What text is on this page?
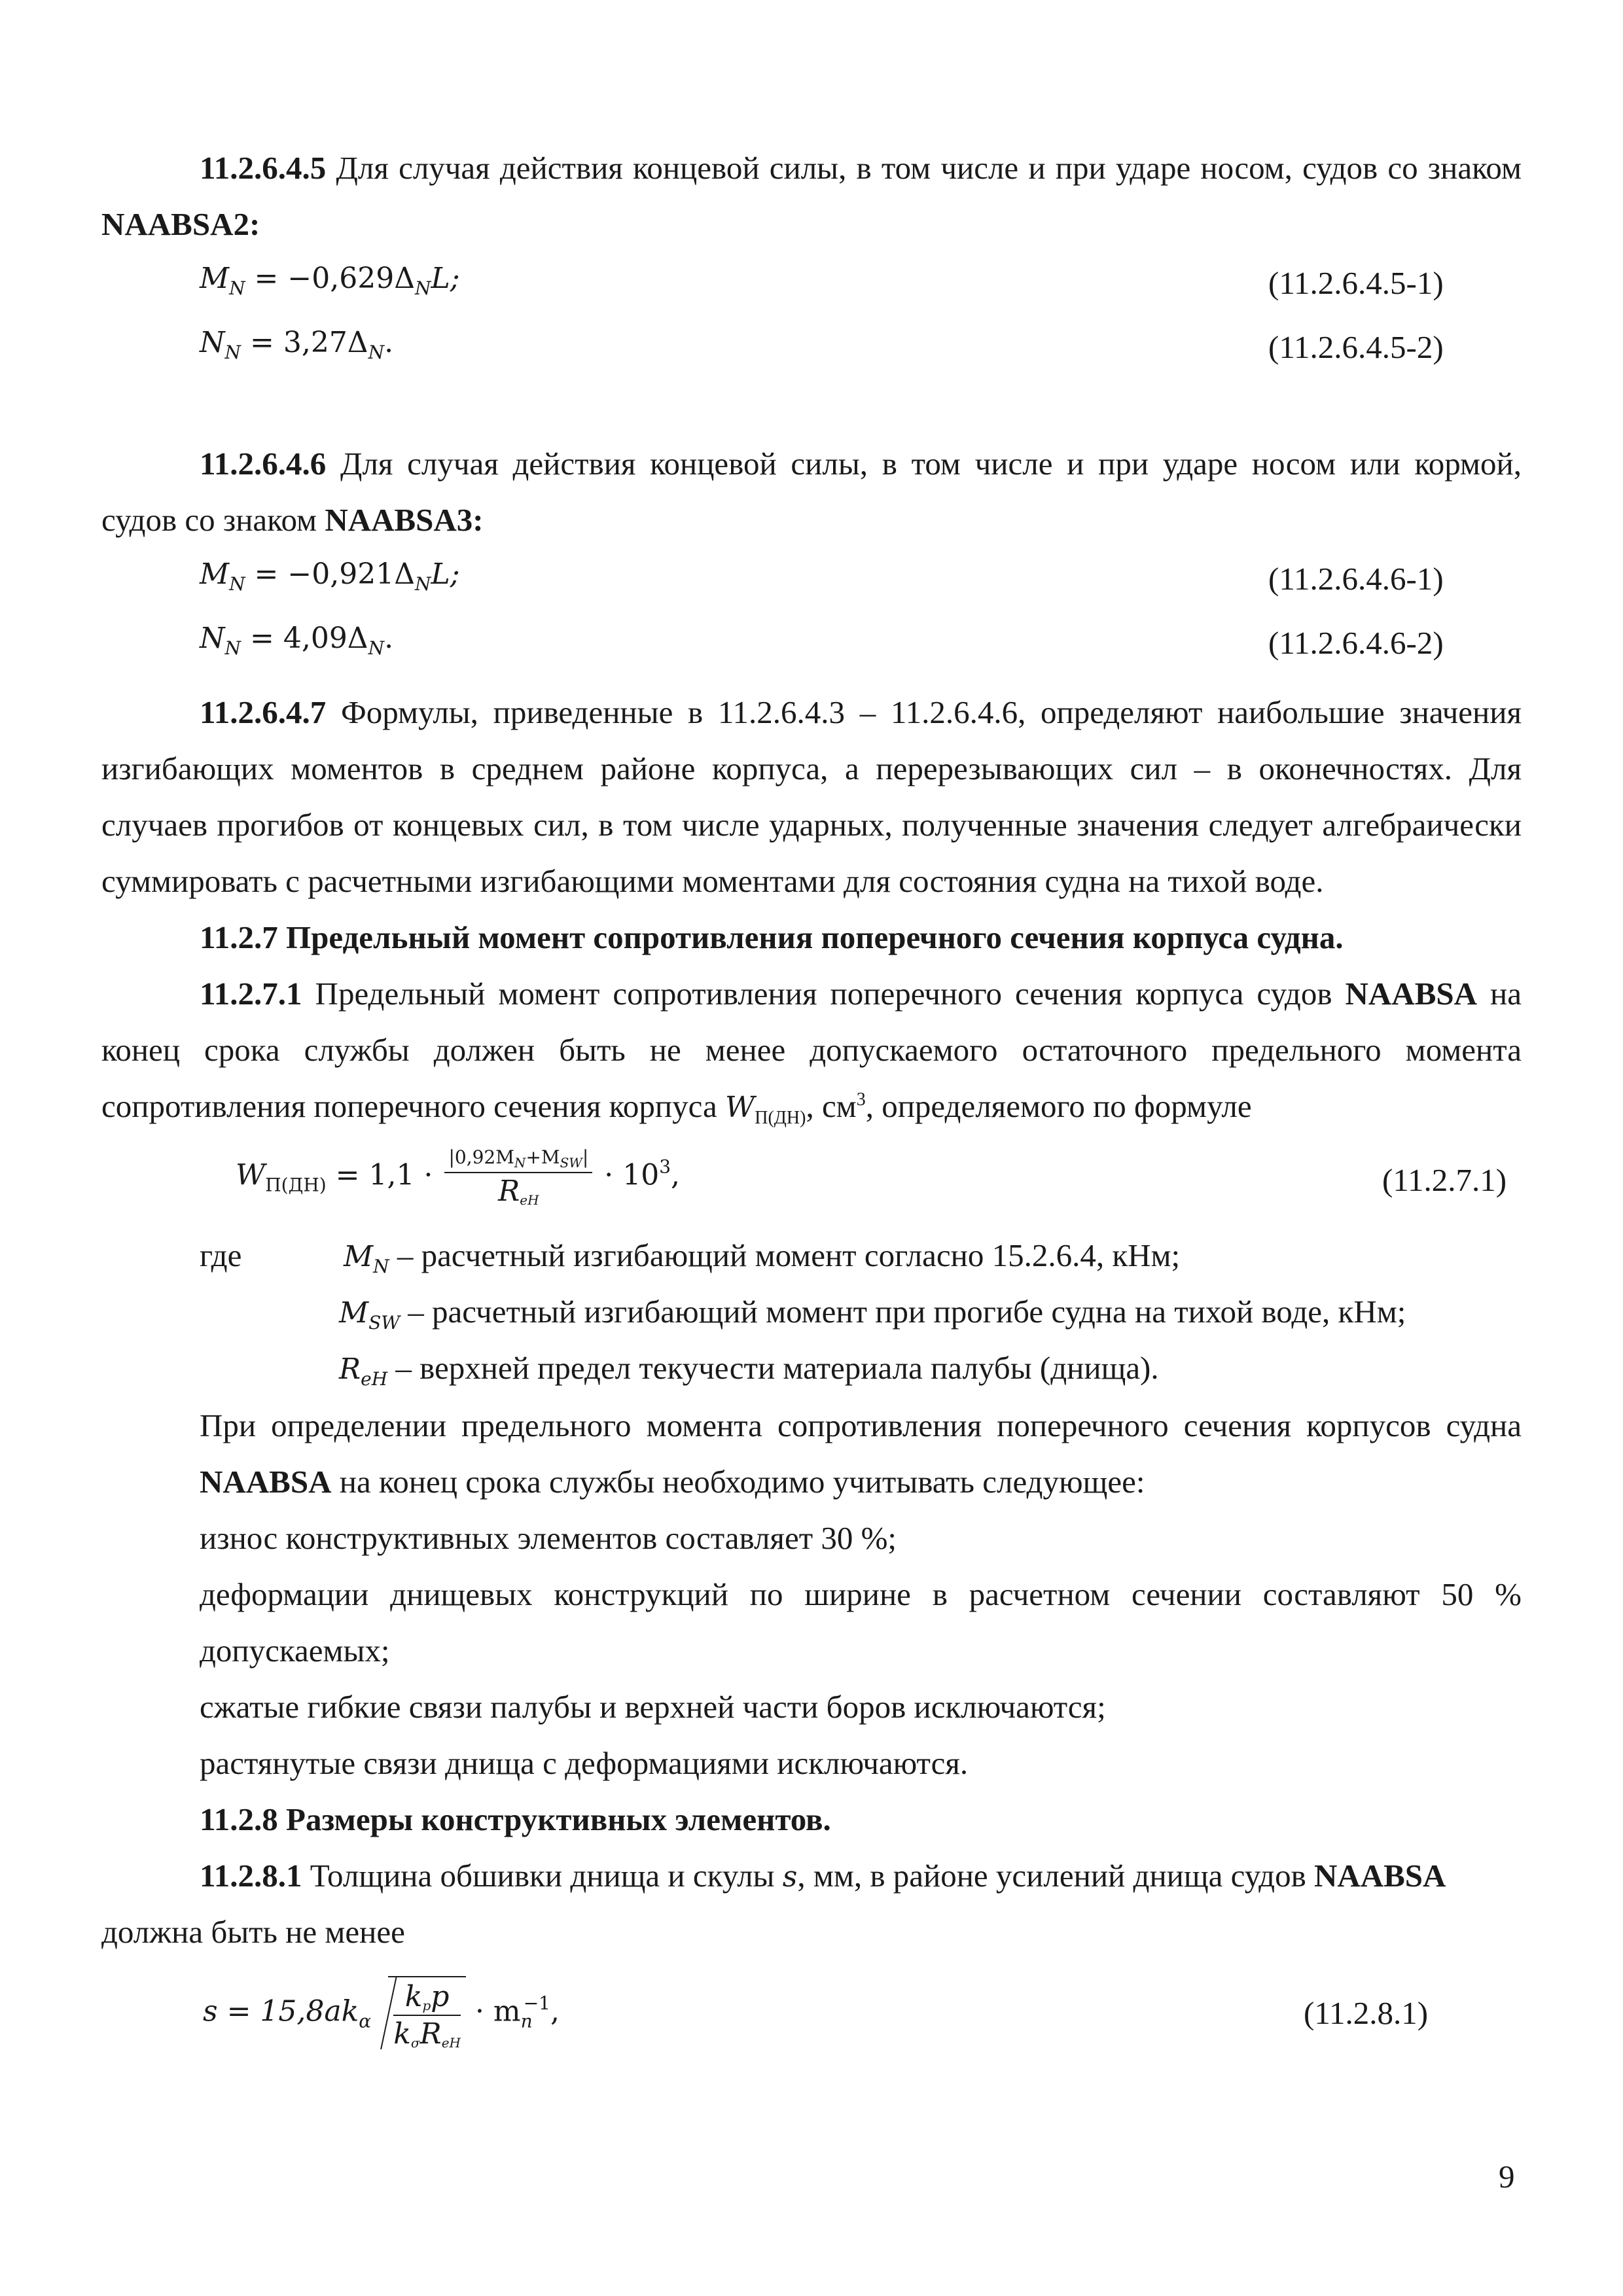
11.2.6.4.5 Для случая действия концевой силы, в том числе и при ударе носом, судов со знаком
NAABSA2:
$M_N = -0,629\Delta_NL$;	(11.2.6.4.5-1)
$N_N = 3,27\Delta_N$.	(11.2.6.4.5-2)
11.2.6.4.6 Для случая действия концевой силы, в том числе и при ударе носом или кормой,
судов со знаком NAABSA3:
$M_N = -0,921\Delta_NL$;	(11.2.6.4.6-1)
$N_N = 4,09\Delta_N$.	(11.2.6.4.6-2)
11.2.6.4.7 Формулы, приведенные в 11.2.6.4.3 – 11.2.6.4.6, определяют наибольшие значения
изгибающих моментов в среднем районе корпуса, а перерезывающих сил – в оконечностях. Для
случаев прогибов от концевых сил, в том числе ударных, полученные значения следует алгебраически
суммировать с расчетными изгибающими моментами для состояния судна на тихой воде.
11.2.7 Предельный момент сопротивления поперечного сечения корпуса судна.
11.2.7.1 Предельный момент сопротивления поперечного сечения корпуса судов NAABSA на
конец срока службы должен быть не менее допускаемого остаточного предельного момента
сопротивления поперечного сечения корпуса $W_{П(ДН)}$, $см^3$, определяемого по формуле
$W_{П(ДН)} = 1,1 \cdot \frac{|0,92M_N+M_{SW}|}{R_{eH}} \cdot 10^3$,	(11.2.7.1)
где	$M_N$ – расчетный изгибающий момент согласно 15.2.6.4, кНм;
$M_{SW}$ – расчетный изгибающий момент при прогибе судна на тихой воде, кНм;
$R_{eH}$ – верхней предел текучести материала палубы (днища).
При определении предельного момента сопротивления поперечного сечения корпусов судна
NAABSA на конец срока службы необходимо учитывать следующее:
износ конструктивных элементов составляет 30 %;
деформации днищевых конструкций по ширине в расчетном сечении составляют 50 %
допускаемых;
сжатые гибкие связи палубы и верхней части боров исключаются;
растянутые связи днища с деформациями исключаются.
11.2.8 Размеры конструктивных элементов.
11.2.8.1 Толщина обшивки днища и скулы s, мм, в районе усилений днища судов NAABSA
должна быть не менее
$s = 15,8ak_\alpha \frac{k_pp}{k_\sigma R_{eH}} \cdot m_n^{-1}$,	(11.2.8.1)
9
